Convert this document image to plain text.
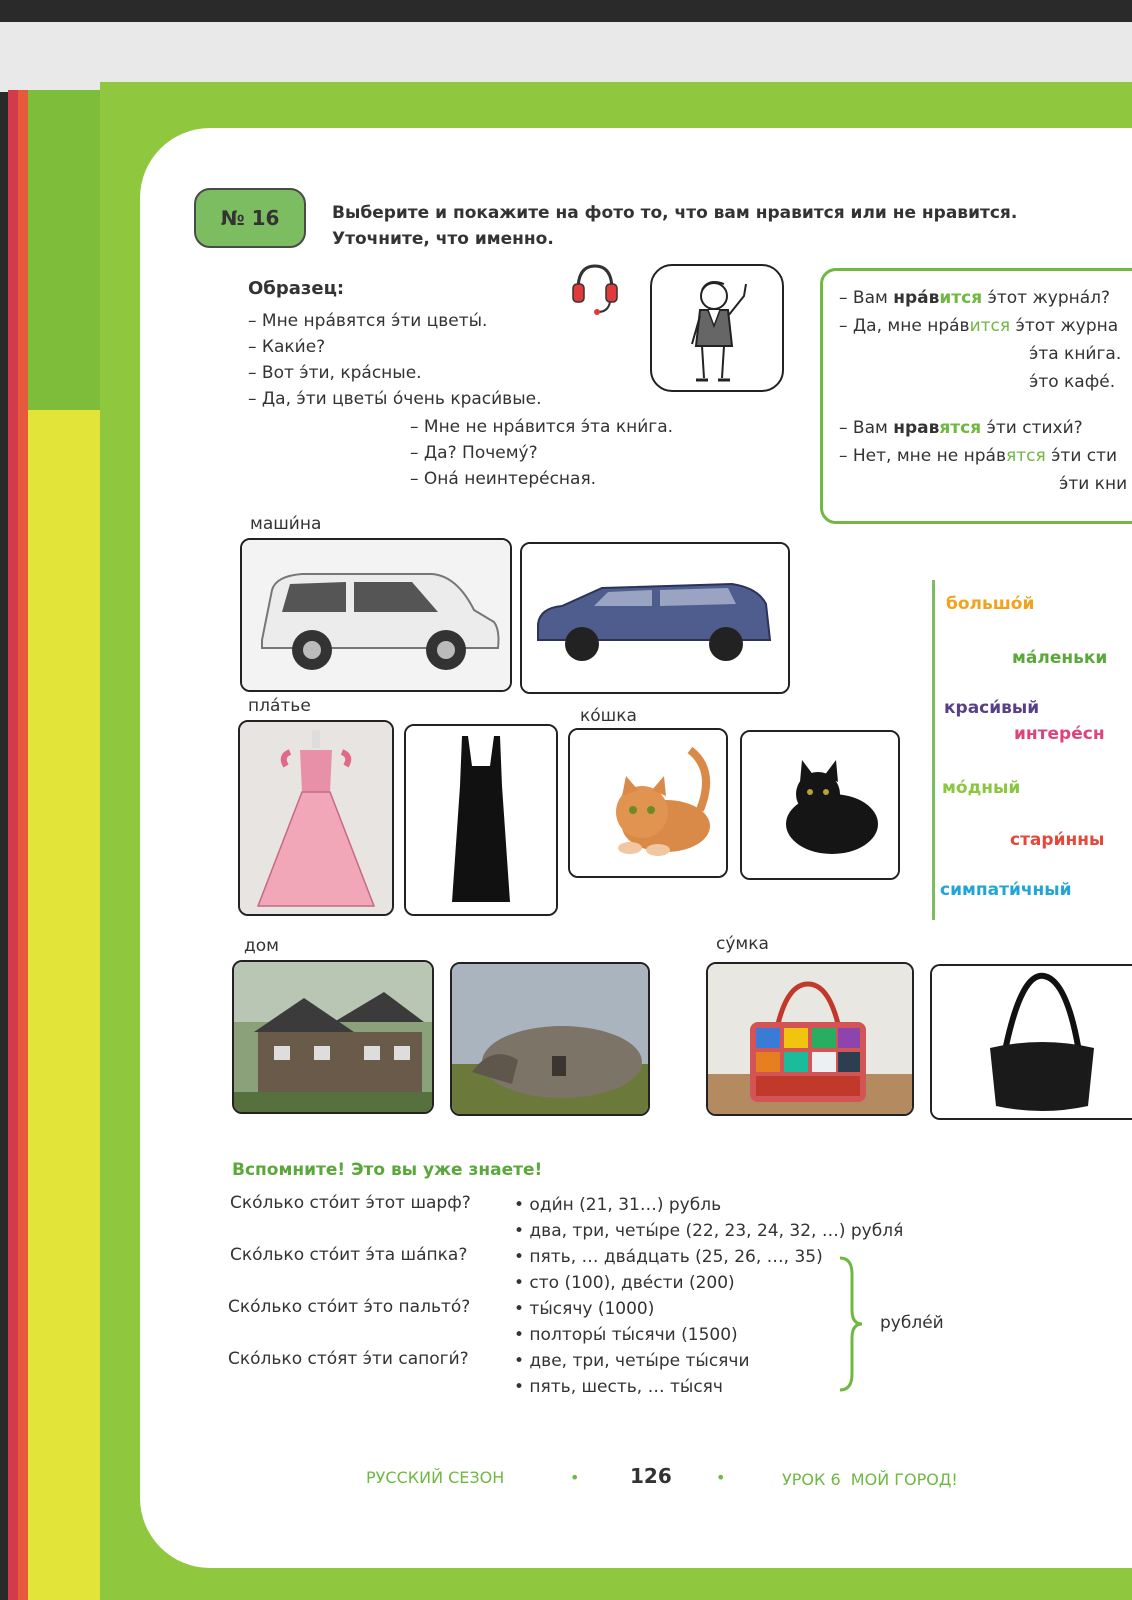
№ 16	Выберите и покажите на фото то, что вам нравится или не нравится.
Уточните, что именно.
Образец:
– Мне нра́вятся э́ти цветы́.
– Каки́е?
– Вот э́ти, кра́сные.
– Да, э́ти цветы́ о́чень краси́вые.
– Мне не нра́вится э́та кни́га.
– Да? Почему́?
– Она́ неинтере́сная.
– Вам нра́вится э́тот журна́л?
– Да, мне нра́вится э́тот журна
э́та кни́га.
э́то кафе́.
– Вам нравятся э́ти стихи́?
– Нет, мне не нра́вятся э́ти сти
э́ти кни
маши́на
пла́тье	ко́шка
дом	су́мка
большо́й
ма́леньки
краси́вый
интере́сн
мо́дный
стари́нны
симпати́чный
Вспомните! Это вы уже знаете!
Ско́лько сто́ит э́тот шарф?
Ско́лько сто́ит э́та ша́пка?
Ско́лько сто́ит э́то пальто́?
Ско́лько сто́ят э́ти сапоги́?
• оди́н (21, 31…) рубль
• два, три, четы́ре (22, 23, 24, 32, …) рубля́
• пять, … два́дцать (25, 26, …, 35)
• сто (100), две́сти (200)
• ты́сячу (1000)
• полторы́ ты́сячи (1500)
• две, три, четы́ре ты́сячи
• пять, шесть, … ты́сяч
рубле́й
РУССКИЙ СЕЗОН	•	126	•	УРОК 6  МОЙ ГОРОД!
